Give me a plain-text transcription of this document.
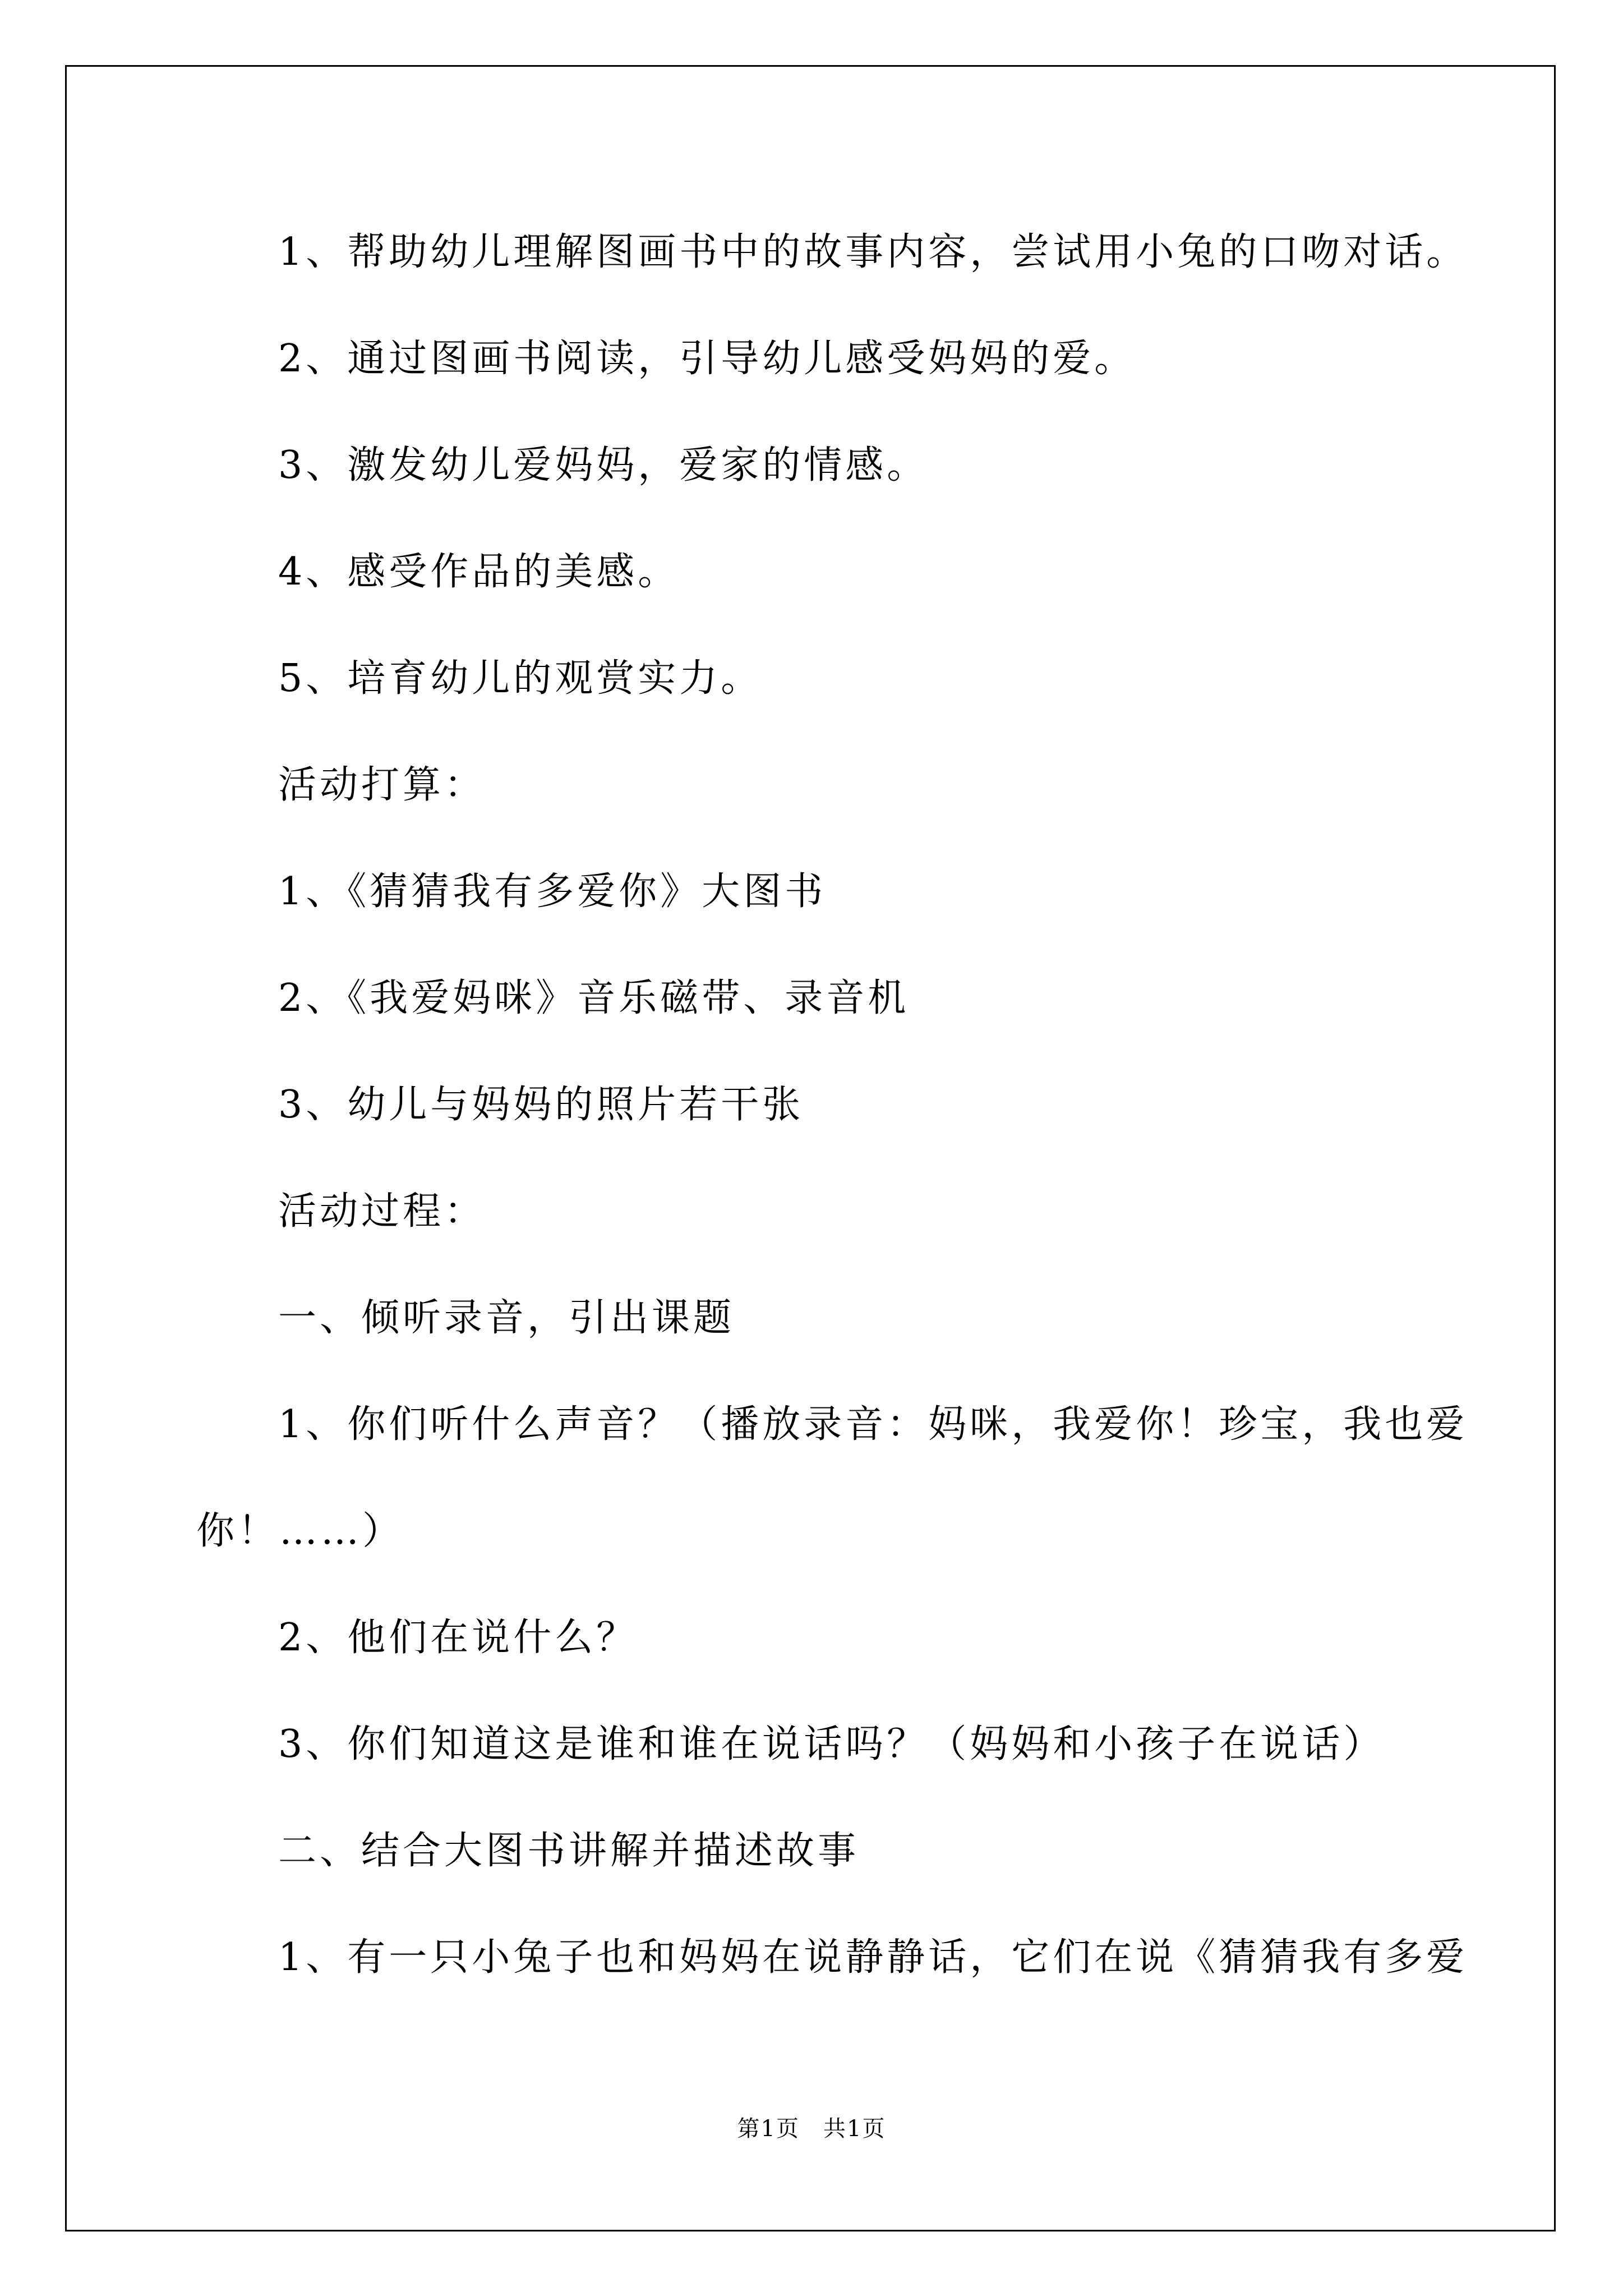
1、帮助幼儿理解图画书中的故事内容，尝试用小兔的口吻对话。
2、通过图画书阅读，引导幼儿感受妈妈的爱。
3、激发幼儿爱妈妈，爱家的情感。
4、感受作品的美感。
5、培育幼儿的观赏实力。
活动打算：
1、《猜猜我有多爱你》大图书
2、《我爱妈咪》音乐磁带、录音机
3、幼儿与妈妈的照片若干张
活动过程：
一、倾听录音，引出课题
1、你们听什么声音？（播放录音：妈咪，我爱你！珍宝，我也爱
你！……）
2、他们在说什么？
3、你们知道这是谁和谁在说话吗？（妈妈和小孩子在说话）
二、结合大图书讲解并描述故事
1、有一只小兔子也和妈妈在说静静话，它们在说《猜猜我有多爱
第1页　共1页
